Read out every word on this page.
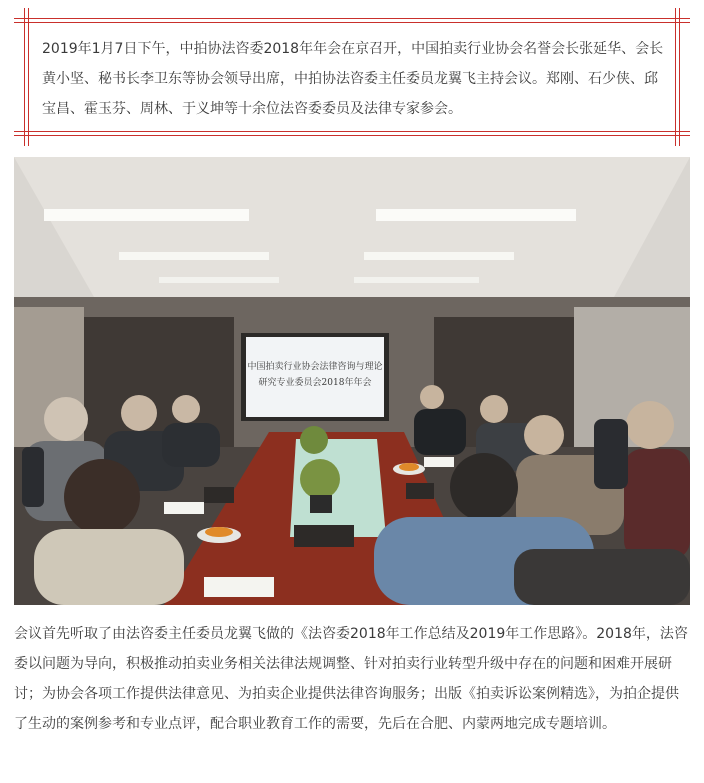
2019年1月7日下午，中拍协法咨委2018年年会在京召开，中国拍卖行业协会名誉会长张延华、会长黄小坚、秘书长李卫东等协会领导出席，中拍协法咨委主任委员龙翼飞主持会议。郑刚、石少侠、邱宝昌、霍玉芬、周林、于义坤等十余位法咨委委员及法律专家参会。

中国拍卖行业协会法律咨询与理论
研究专业委员会2018年年会

会议首先听取了由法咨委主任委员龙翼飞做的《法咨委2018年工作总结及2019年工作思路》。2018年，法咨委以问题为导向，积极推动拍卖业务相关法律法规调整、针对拍卖行业转型升级中存在的问题和困难开展研讨；为协会各项工作提供法律意见、为拍卖企业提供法律咨询服务；出版《拍卖诉讼案例精选》，为拍企提供了生动的案例参考和专业点评，配合职业教育工作的需要，先后在合肥、内蒙两地完成专题培训。
